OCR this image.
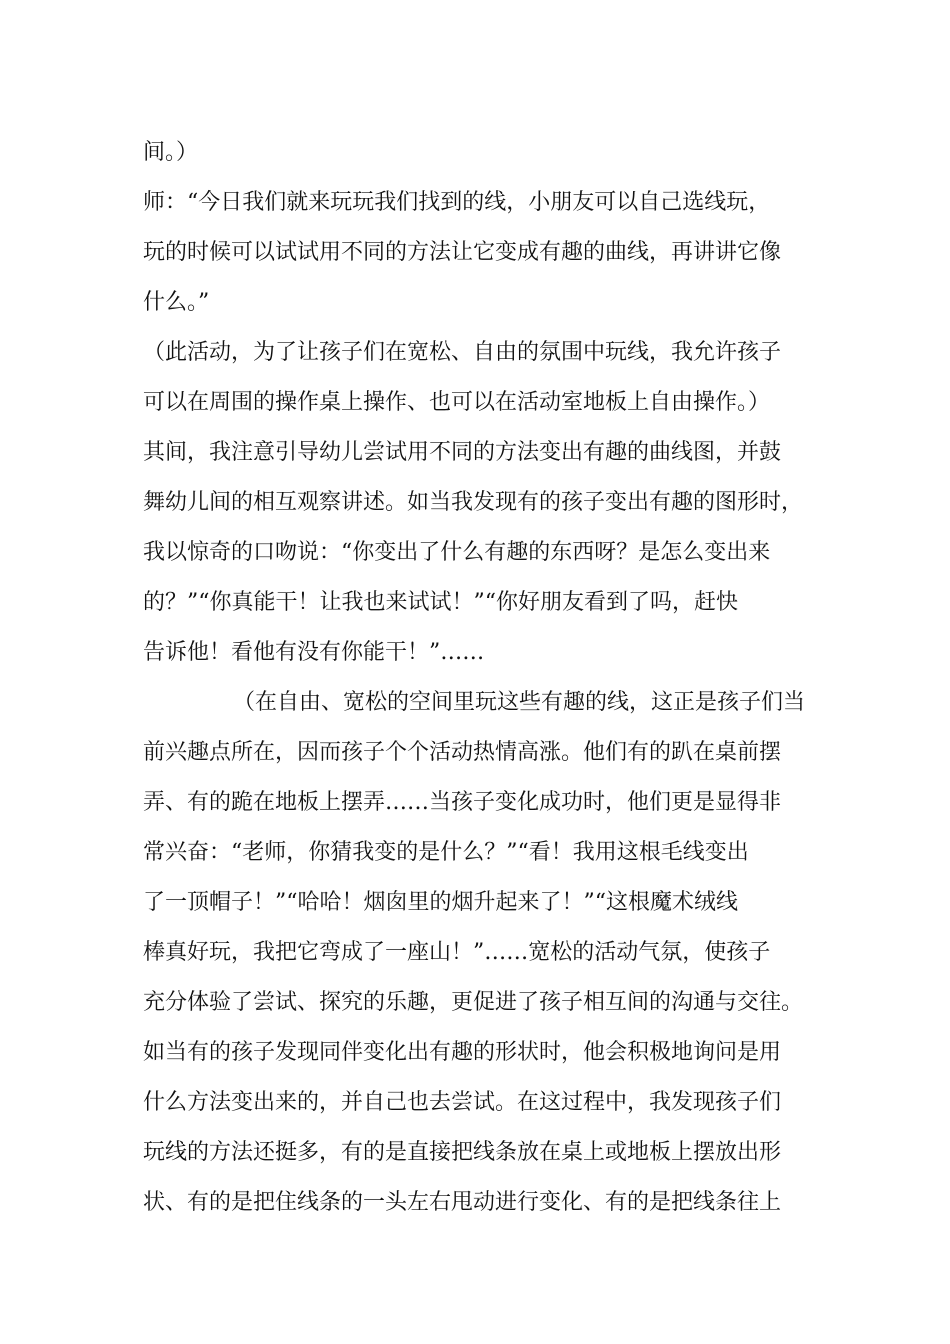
间。）
师：“今日我们就来玩玩我们找到的线，小朋友可以自己选线玩，
玩的时候可以试试用不同的方法让它变成有趣的曲线，再讲讲它像
什么。”
（此活动，为了让孩子们在宽松、自由的氛围中玩线，我允许孩子
可以在周围的操作桌上操作、也可以在活动室地板上自由操作。）
其间，我注意引导幼儿尝试用不同的方法变出有趣的曲线图，并鼓
舞幼儿间的相互观察讲述。如当我发现有的孩子变出有趣的图形时，
我以惊奇的口吻说：“你变出了什么有趣的东西呀？是怎么变出来
的？”“你真能干！让我也来试试！”“你好朋友看到了吗，赶快
告诉他！看他有没有你能干！”……
（在自由、宽松的空间里玩这些有趣的线，这正是孩子们当
前兴趣点所在，因而孩子个个活动热情高涨。他们有的趴在桌前摆
弄、有的跪在地板上摆弄……当孩子变化成功时，他们更是显得非
常兴奋：“老师，你猜我变的是什么？”“看！我用这根毛线变出
了一顶帽子！”“哈哈！烟囱里的烟升起来了！”“这根魔术绒线
棒真好玩，我把它弯成了一座山！”……宽松的活动气氛，使孩子
充分体验了尝试、探究的乐趣，更促进了孩子相互间的沟通与交往。
如当有的孩子发现同伴变化出有趣的形状时，他会积极地询问是用
什么方法变出来的，并自己也去尝试。在这过程中，我发现孩子们
玩线的方法还挺多，有的是直接把线条放在桌上或地板上摆放出形
状、有的是把住线条的一头左右甩动进行变化、有的是把线条往上
